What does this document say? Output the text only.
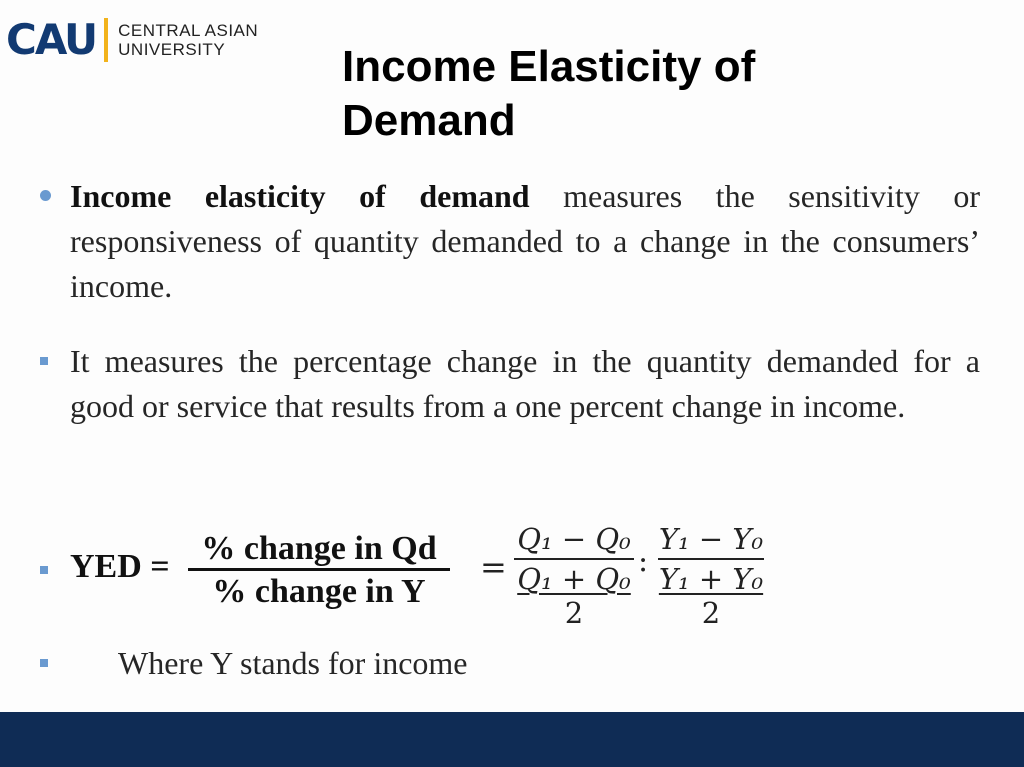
CAU CENTRAL ASIAN
UNIVERSITY	Income Elasticity of
Demand

Income elasticity of demand measures the sensitivity or responsiveness of quantity demanded to a change in the consumers’ income.

It measures the percentage change in the quantity demanded for a good or service that results from a one percent change in income.

YED = % change in Qd
% change in Y
=
Q₁ − Q₀
Q₁ + Q₀
2
:
Y₁ − Y₀
Y₁ + Y₀
2

Where Y stands for income
